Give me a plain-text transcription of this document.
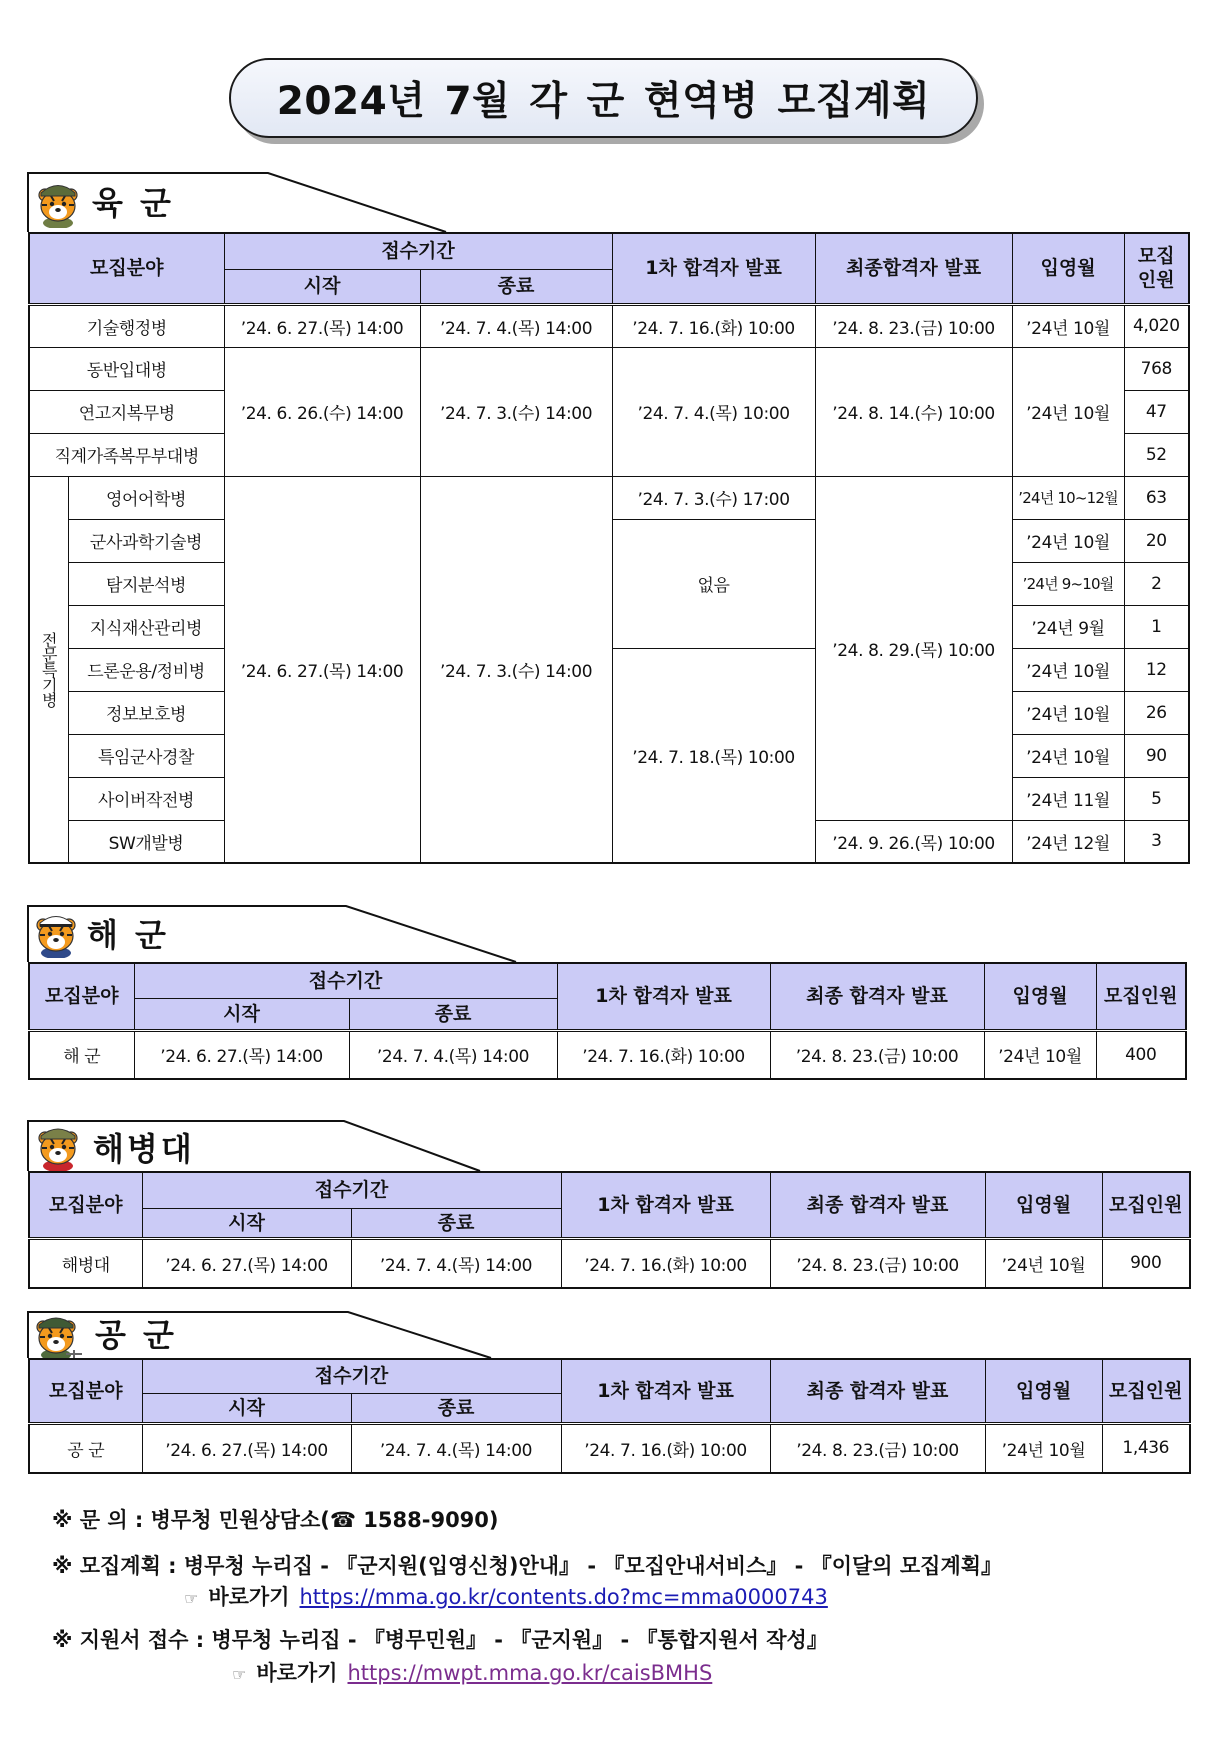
2024년 7월 각 군 현역병 모집계획
육 군
모집분야		접수기간		1차 합격자 발표	최종합격자 발표	입영월	모집
인원
		시작	종료				
기술행정병		’24. 6. 27.(목) 14:00	’24. 7. 4.(목) 14:00	’24. 7. 16.(화) 10:00	’24. 8. 23.(금) 10:00	’24년 10월	4,020
동반입대병		’24. 6. 26.(수) 14:00	’24. 7. 3.(수) 14:00	’24. 7. 4.(목) 10:00	’24. 8. 14.(수) 10:00	’24년 10월	768
연고지복무병							47
직계가족복무부대병							52

전문특기병	영어어학병	’24. 6. 27.(목) 14:00	’24. 7. 3.(수) 14:00	’24. 7. 3.(수) 17:00	’24. 8. 29.(목) 10:00	’24년 10~12월	63
	군사과학기술병			없음		’24년 10월	20
	탐지분석병					’24년 9~10월	2
	지식재산관리병					’24년 9월	1
	드론운용/정비병			’24. 7. 18.(목) 10:00		’24년 10월	12
	정보보호병					’24년 10월	26
	특임군사경찰					’24년 10월	90
	사이버작전병					’24년 11월	5
	SW개발병				’24. 9. 26.(목) 10:00	’24년 12월	3
해 군
모집분야	접수기간		1차 합격자 발표	최종 합격자 발표	입영월	모집인원
	시작	종료				
해 군	’24. 6. 27.(목) 14:00	’24. 7. 4.(목) 14:00	’24. 7. 16.(화) 10:00	’24. 8. 23.(금) 10:00	’24년 10월	400
해병대
모집분야	접수기간		1차 합격자 발표	최종 합격자 발표	입영월	모집인원
	시작	종료				
해병대	’24. 6. 27.(목) 14:00	’24. 7. 4.(목) 14:00	’24. 7. 16.(화) 10:00	’24. 8. 23.(금) 10:00	’24년 10월	900
공 군
모집분야	접수기간		1차 합격자 발표	최종 합격자 발표	입영월	모집인원
	시작	종료				
공 군	’24. 6. 27.(목) 14:00	’24. 7. 4.(목) 14:00	’24. 7. 16.(화) 10:00	’24. 8. 23.(금) 10:00	’24년 10월	1,436
※ 문 의 : 병무청 민원상담소(☎ 1588-9090)
※ 모집계획 : 병무청 누리집 - 『군지원(입영신청)안내』 - 『모집안내서비스』 - 『이달의 모집계획』
☞ 바로가기 https://mma.go.kr/contents.do?mc=mma0000743
※ 지원서 접수 : 병무청 누리집 - 『병무민원』 - 『군지원』 - 『통합지원서 작성』
☞ 바로가기 https://mwpt.mma.go.kr/caisBMHS
